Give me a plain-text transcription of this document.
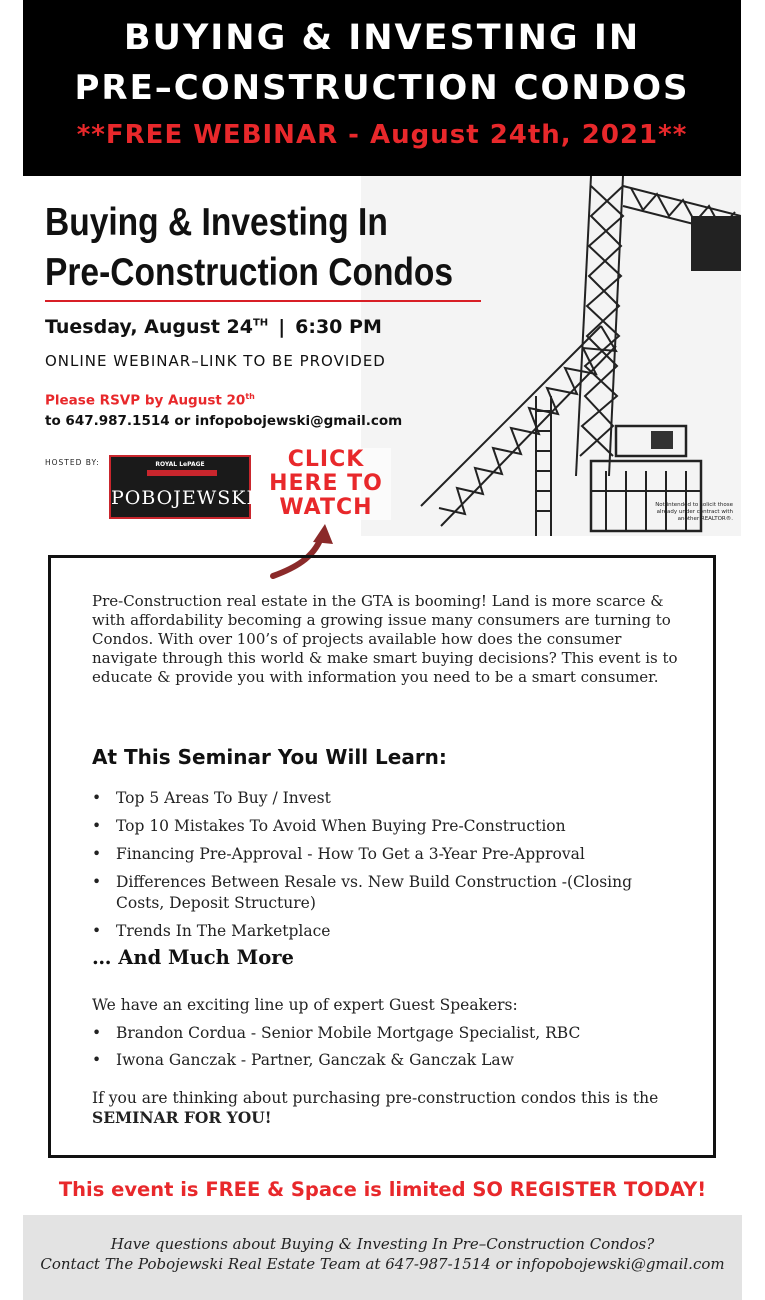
BUYING & INVESTING IN
PRE–CONSTRUCTION CONDOS
**FREE WEBINAR - August 24th, 2021**
Buying & Investing In
Pre-Construction Condos
Tuesday, August 24TH | 6:30 PM
ONLINE WEBINAR–LINK TO BE PROVIDED
Please RSVP by August 20th
to 647.987.1514 or infopobojewski@gmail.com
HOSTED BY:	ROYAL LePAGE
POBOJEWSKI
CLICK
HERE TO
WATCH	Not intended to solicit those already under contract with another REALTOR®.
Pre-Construction real estate in the GTA is booming! Land is more scarce & with affordability becoming a growing issue many consumers are turning to Condos. With over 100’s of projects available how does the consumer navigate through this world & make smart buying decisions? This event is to educate & provide you with information you need to be a smart consumer.
At This Seminar You Will Learn:
• Top 5 Areas To Buy / Invest
• Top 10 Mistakes To Avoid When Buying Pre-Construction
• Financing Pre-Approval - How To Get a 3-Year Pre-Approval
• Differences Between Resale vs. New Build Construction -(Closing Costs, Deposit Structure)
• Trends In The Marketplace
… And Much More
We have an exciting line up of expert Guest Speakers:
• Brandon Cordua - Senior Mobile Mortgage Specialist, RBC
• Iwona Ganczak - Partner, Ganczak & Ganczak Law
If you are thinking about purchasing pre-construction condos this is the SEMINAR FOR YOU!
This event is FREE & Space is limited SO REGISTER TODAY!
Have questions about Buying & Investing In Pre–Construction Condos?
Contact The Pobojewski Real Estate Team at 647-987-1514 or infopobojewski@gmail.com
